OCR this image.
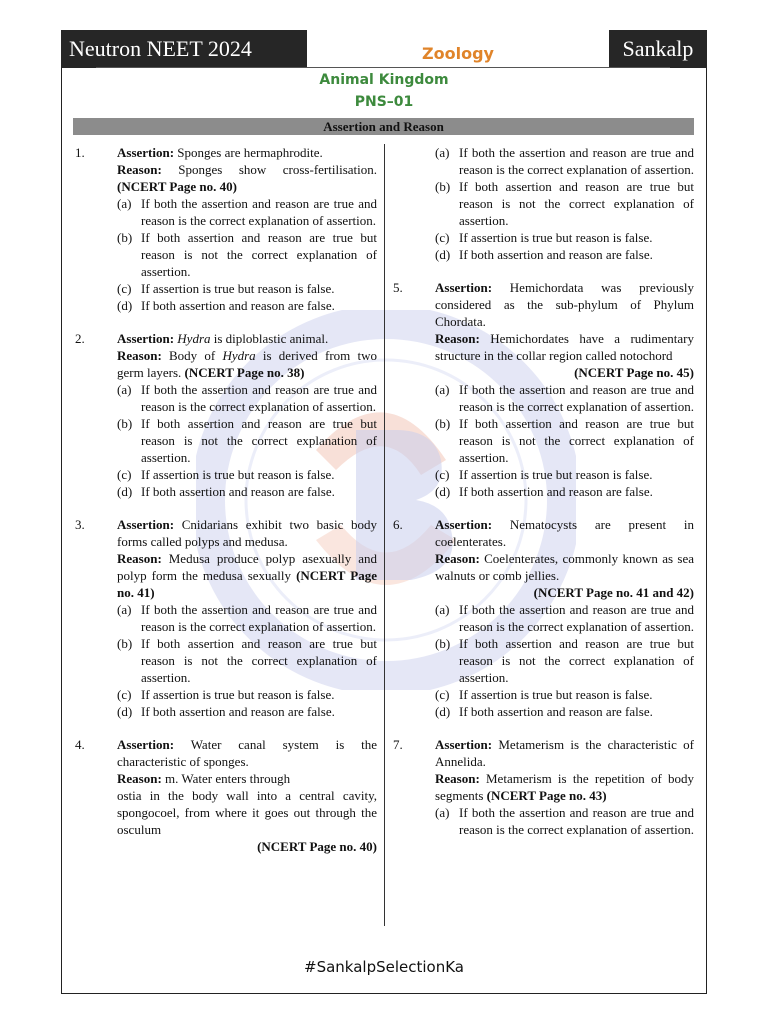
Neutron NEET 2024	Zoology	Sankalp
Animal Kingdom
PNS–01
Assertion and Reason
1. Assertion: Sponges are hermaphrodite.

Reason: Sponges show cross-fertilisation. (NCERT Page no. 40)

(a) If both the assertion and reason are true and reason is the correct explanation of assertion.
(b) If both assertion and reason are true but reason is not the correct explanation of assertion.
(c) If assertion is true but reason is false.
(d) If both assertion and reason are false.
2. Assertion: Hydra is diploblastic animal.

Reason: Body of Hydra is derived from two germ layers. (NCERT Page no. 38)

(a) If both the assertion and reason are true and reason is the correct explanation of assertion.
(b) If both assertion and reason are true but reason is not the correct explanation of assertion.
(c) If assertion is true but reason is false.
(d) If both assertion and reason are false.
3. Assertion: Cnidarians exhibit two basic body forms called polyps and medusa.

Reason: Medusa produce polyp asexually and polyp form the medusa sexually (NCERT Page no. 41)

(a) If both the assertion and reason are true and reason is the correct explanation of assertion.
(b) If both assertion and reason are true but reason is not the correct explanation of assertion.
(c) If assertion is true but reason is false.
(d) If both assertion and reason are false.
4. Assertion: Water canal system is the characteristic of sponges.

Reason: m. Water enters through

ostia in the body wall into a central cavity, spongocoel, from where it goes out through the osculum

(NCERT Page no. 40)

(a) If both the assertion and reason are true and reason is the correct explanation of assertion.
(b) If both assertion and reason are true but reason is not the correct explanation of assertion.
(c) If assertion is true but reason is false.
(d) If both assertion and reason are false.
5. Assertion: Hemichordata was previously considered as the sub-phylum of Phylum Chordata.

Reason: Hemichordates have a rudimentary structure in the collar region called notochord

(NCERT Page no. 45)

(a) If both the assertion and reason are true and reason is the correct explanation of assertion.
(b) If both assertion and reason are true but reason is not the correct explanation of assertion.
(c) If assertion is true but reason is false.
(d) If both assertion and reason are false.
6. Assertion: Nematocysts are present in coelenterates.

Reason: Coelenterates, commonly known as sea walnuts or comb jellies.

(NCERT Page no. 41 and 42)

(a) If both the assertion and reason are true and reason is the correct explanation of assertion.
(b) If both assertion and reason are true but reason is not the correct explanation of assertion.
(c) If assertion is true but reason is false.
(d) If both assertion and reason are false.
7. Assertion: Metamerism is the characteristic of Annelida.

Reason: Metamerism is the repetition of body segments (NCERT Page no. 43)

(a) If both the assertion and reason are true and reason is the correct explanation of assertion.
#SankalpSelectionKa
